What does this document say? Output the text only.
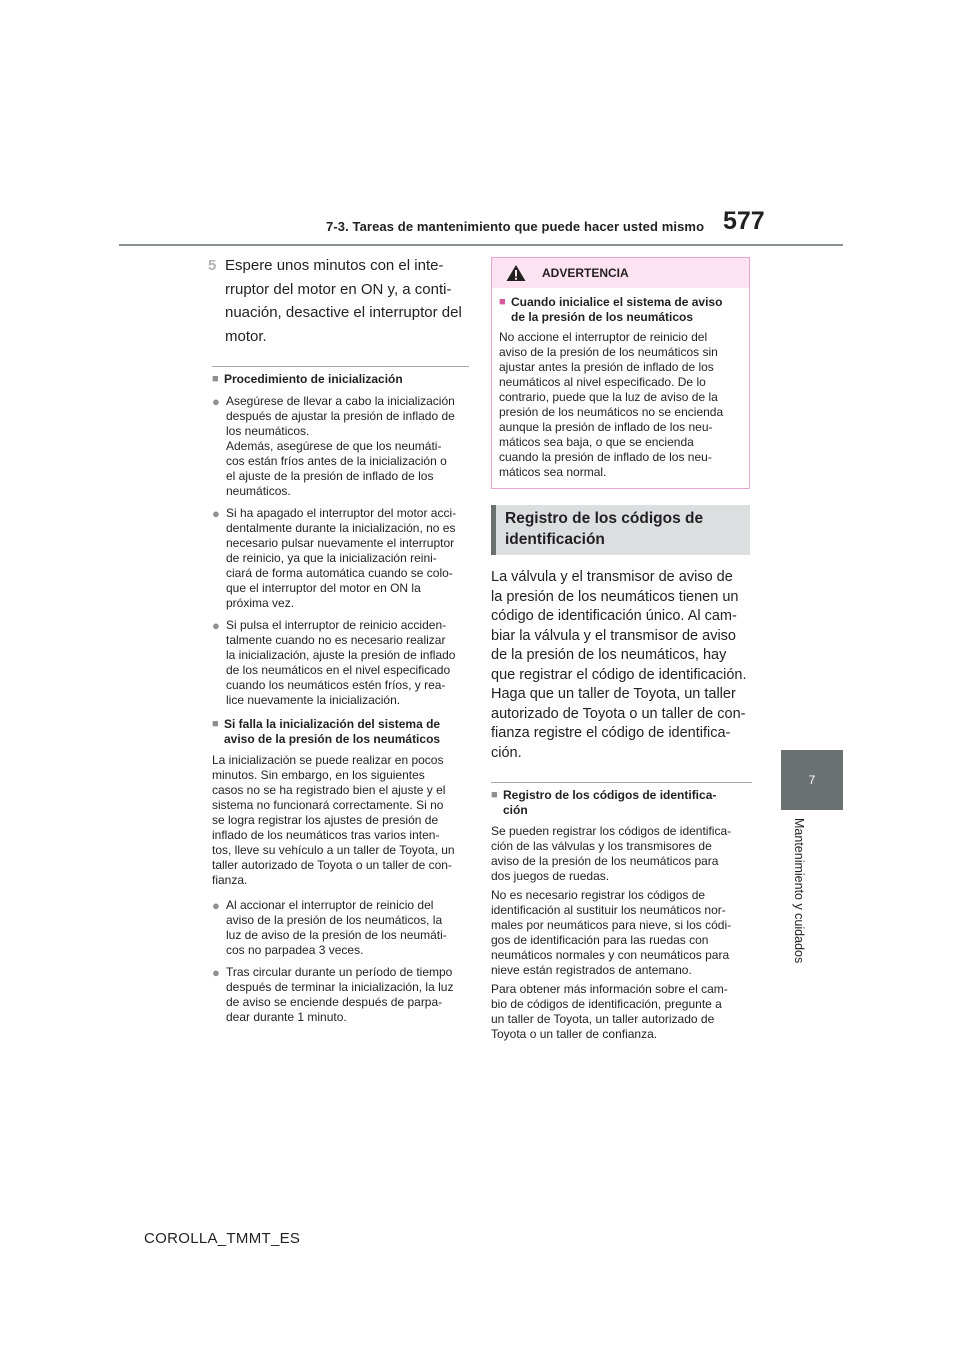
7-3. Tareas de mantenimiento que puede hacer usted mismo 577
7
Mantenimiento y cuidados
5 Espere unos minutos con el inte-
rruptor del motor en ON y, a conti-
nuación, desactive el interruptor del
motor.
■ Procedimiento de inicialización
● Asegúrese de llevar a cabo la inicialización
después de ajustar la presión de inflado de
los neumáticos.
Además, asegúrese de que los neumáti-
cos están fríos antes de la inicialización o
el ajuste de la presión de inflado de los
neumáticos.
● Si ha apagado el interruptor del motor acci-
dentalmente durante la inicialización, no es
necesario pulsar nuevamente el interruptor
de reinicio, ya que la inicialización reini-
ciará de forma automática cuando se colo-
que el interruptor del motor en ON la
próxima vez.
● Si pulsa el interruptor de reinicio acciden-
talmente cuando no es necesario realizar
la inicialización, ajuste la presión de inflado
de los neumáticos en el nivel especificado
cuando los neumáticos estén fríos, y rea-
lice nuevamente la inicialización.
■ Si falla la inicialización del sistema de
aviso de la presión de los neumáticos
La inicialización se puede realizar en pocos
minutos. Sin embargo, en los siguientes
casos no se ha registrado bien el ajuste y el
sistema no funcionará correctamente. Si no
se logra registrar los ajustes de presión de
inflado de los neumáticos tras varios inten-
tos, lleve su vehículo a un taller de Toyota, un
taller autorizado de Toyota o un taller de con-
fianza.
● Al accionar el interruptor de reinicio del
aviso de la presión de los neumáticos, la
luz de aviso de la presión de los neumáti-
cos no parpadea 3 veces.
● Tras circular durante un período de tiempo
después de terminar la inicialización, la luz
de aviso se enciende después de parpa-
dear durante 1 minuto.
ADVERTENCIA
■ Cuando inicialice el sistema de aviso
de la presión de los neumáticos
No accione el interruptor de reinicio del
aviso de la presión de los neumáticos sin
ajustar antes la presión de inflado de los
neumáticos al nivel especificado. De lo
contrario, puede que la luz de aviso de la
presión de los neumáticos no se encienda
aunque la presión de inflado de los neu-
máticos sea baja, o que se encienda
cuando la presión de inflado de los neu-
máticos sea normal.
Registro de los códigos de
identificación
La válvula y el transmisor de aviso de
la presión de los neumáticos tienen un
código de identificación único. Al cam-
biar la válvula y el transmisor de aviso
de la presión de los neumáticos, hay
que registrar el código de identificación.
Haga que un taller de Toyota, un taller
autorizado de Toyota o un taller de con-
fianza registre el código de identifica-
ción.
■ Registro de los códigos de identifica-
ción
Se pueden registrar los códigos de identifica-
ción de las válvulas y los transmisores de
aviso de la presión de los neumáticos para
dos juegos de ruedas.
No es necesario registrar los códigos de
identificación al sustituir los neumáticos nor-
males por neumáticos para nieve, si los códi-
gos de identificación para las ruedas con
neumáticos normales y con neumáticos para
nieve están registrados de antemano.
Para obtener más información sobre el cam-
bio de códigos de identificación, pregunte a
un taller de Toyota, un taller autorizado de
Toyota o un taller de confianza.
COROLLA_TMMT_ES
